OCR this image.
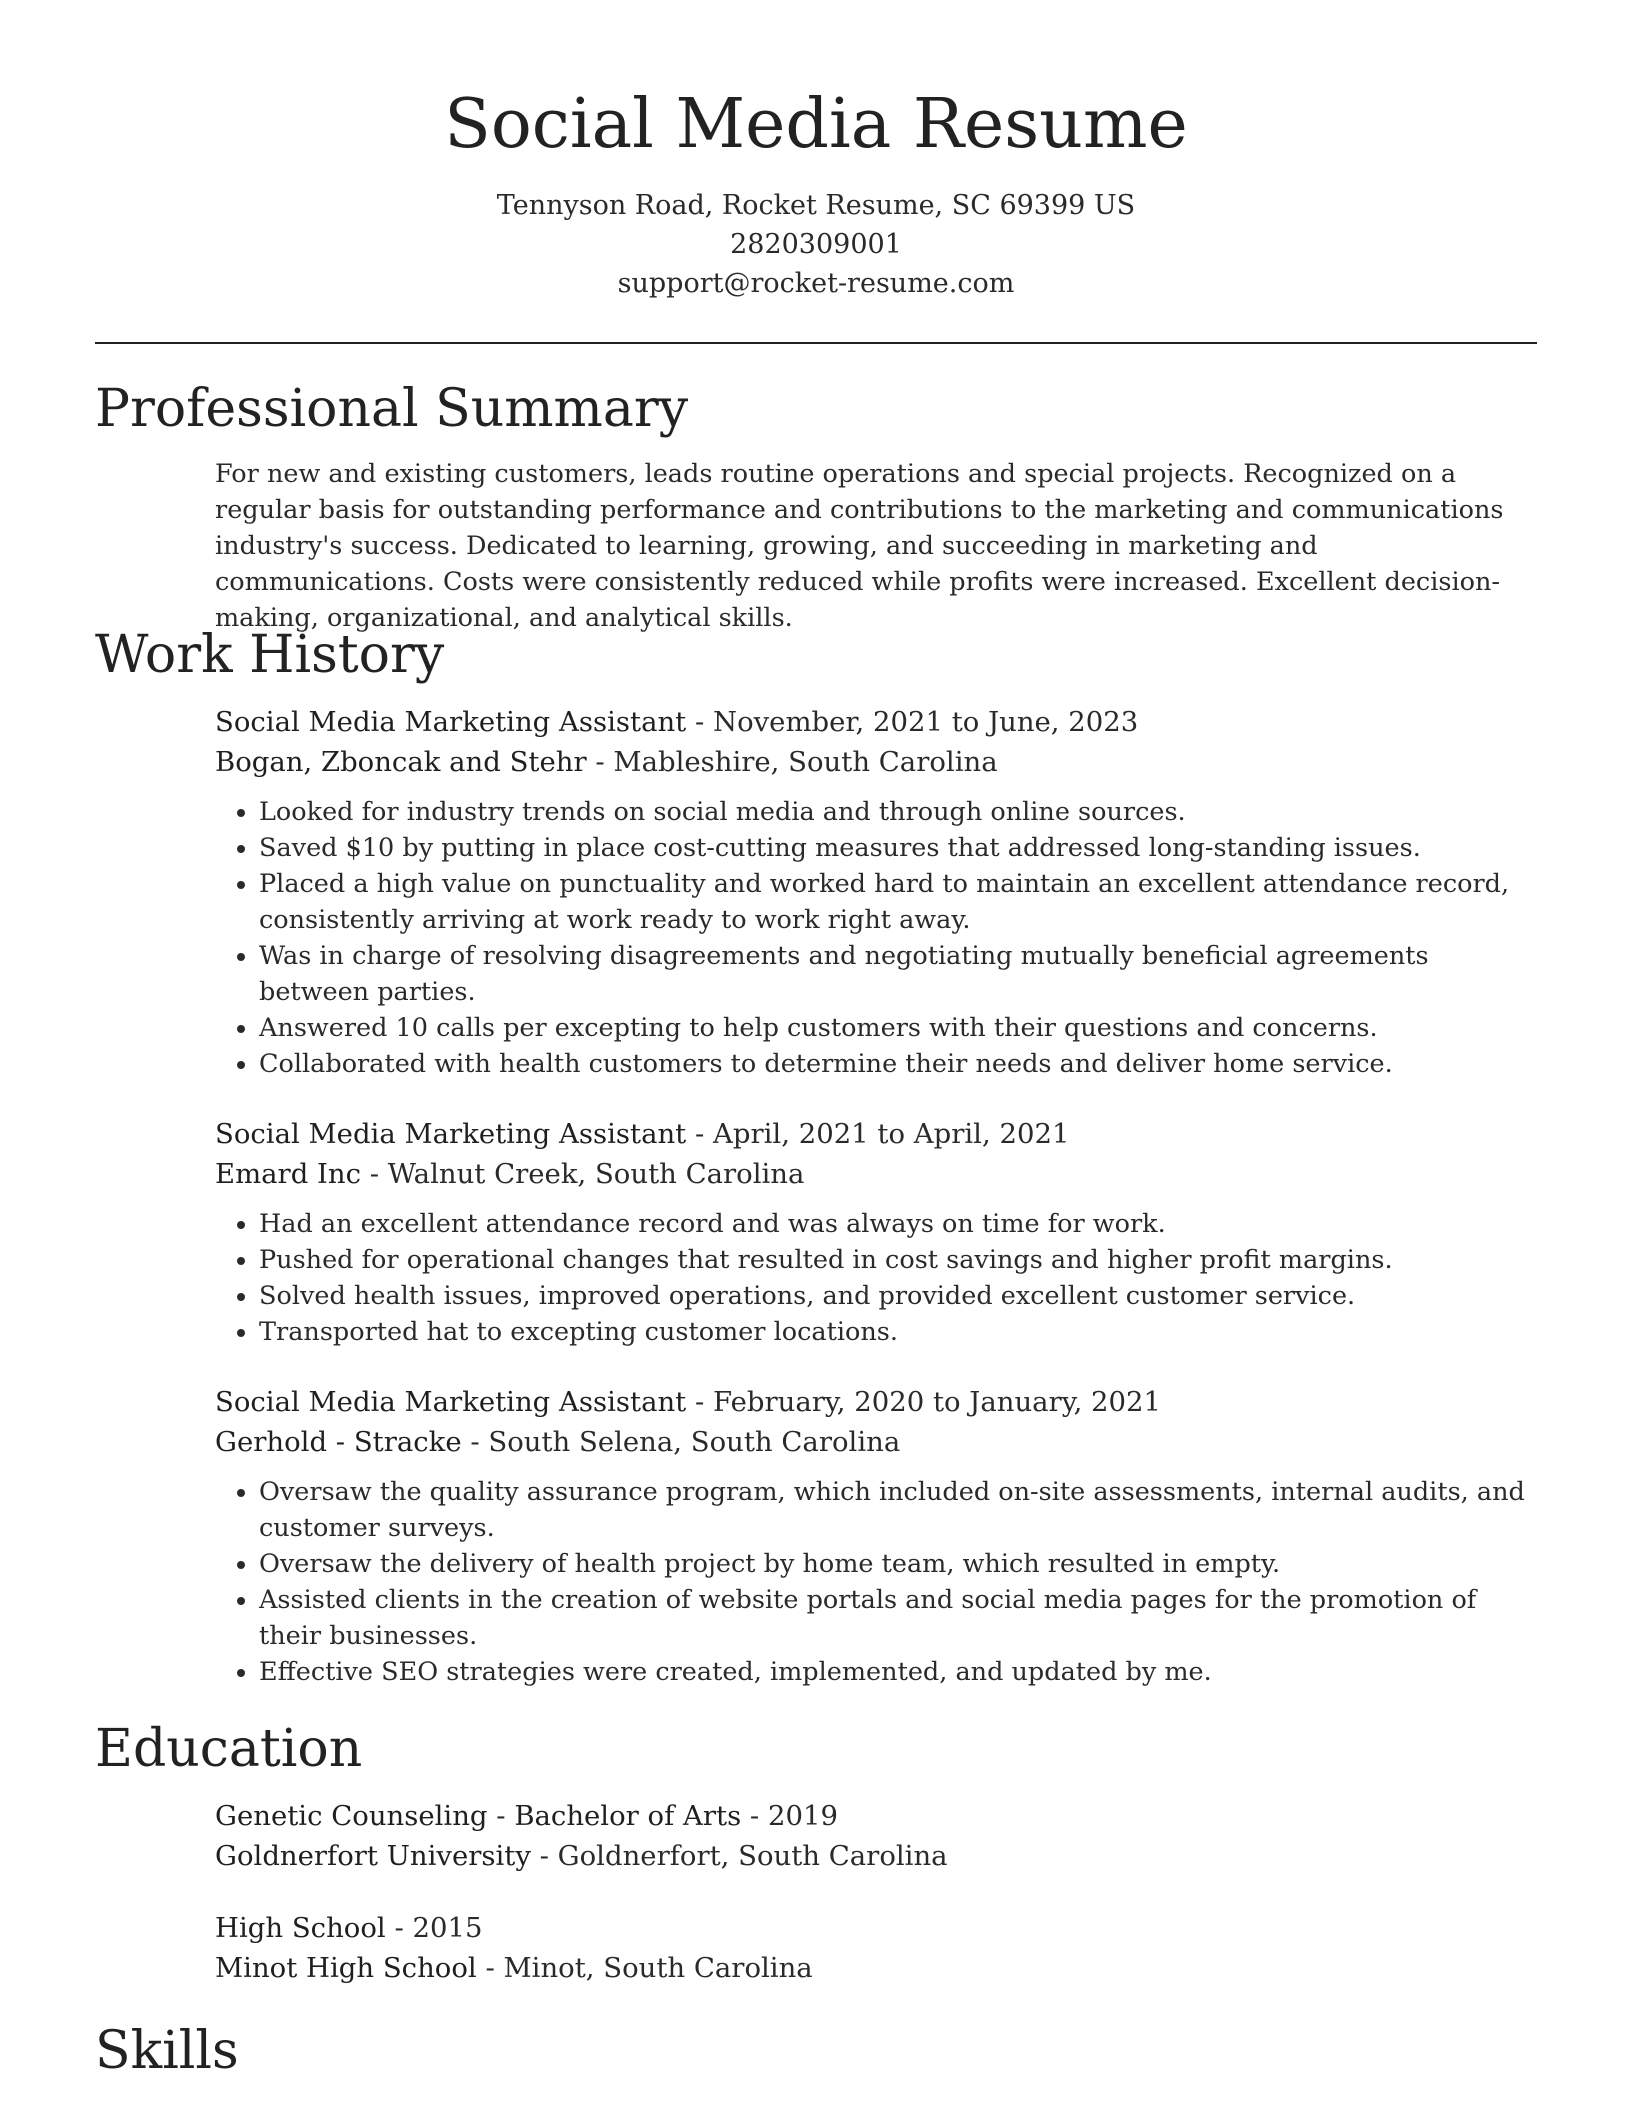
Social Media Resume
Tennyson Road, Rocket Resume, SC 69399 US
2820309001
support@rocket-resume.com
Professional Summary

For new and existing customers, leads routine operations and special projects. Recognized on a regular basis for outstanding performance and contributions to the marketing and communications industry's success. Dedicated to learning, growing, and succeeding in marketing and communications. Costs were consistently reduced while profits were increased. Excellent decision-making, organizational, and analytical skills.

Work History
Social Media Marketing Assistant - November, 2021 to June, 2023
Bogan, Zboncak and Stehr - Mableshire, South Carolina
• Looked for industry trends on social media and through online sources.
• Saved $10 by putting in place cost-cutting measures that addressed long-standing issues.
• Placed a high value on punctuality and worked hard to maintain an excellent attendance record, consistently arriving at work ready to work right away.
• Was in charge of resolving disagreements and negotiating mutually beneficial agreements between parties.
• Answered 10 calls per excepting to help customers with their questions and concerns.
• Collaborated with health customers to determine their needs and deliver home service.
Social Media Marketing Assistant - April, 2021 to April, 2021
Emard Inc - Walnut Creek, South Carolina
• Had an excellent attendance record and was always on time for work.
• Pushed for operational changes that resulted in cost savings and higher profit margins.
• Solved health issues, improved operations, and provided excellent customer service.
• Transported hat to excepting customer locations.
Social Media Marketing Assistant - February, 2020 to January, 2021
Gerhold - Stracke - South Selena, South Carolina
• Oversaw the quality assurance program, which included on-site assessments, internal audits, and customer surveys.
• Oversaw the delivery of health project by home team, which resulted in empty.
• Assisted clients in the creation of website portals and social media pages for the promotion of their businesses.
• Effective SEO strategies were created, implemented, and updated by me.
Education
Genetic Counseling - Bachelor of Arts - 2019
Goldnerfort University - Goldnerfort, South Carolina
High School - 2015
Minot High School - Minot, South Carolina
Skills
